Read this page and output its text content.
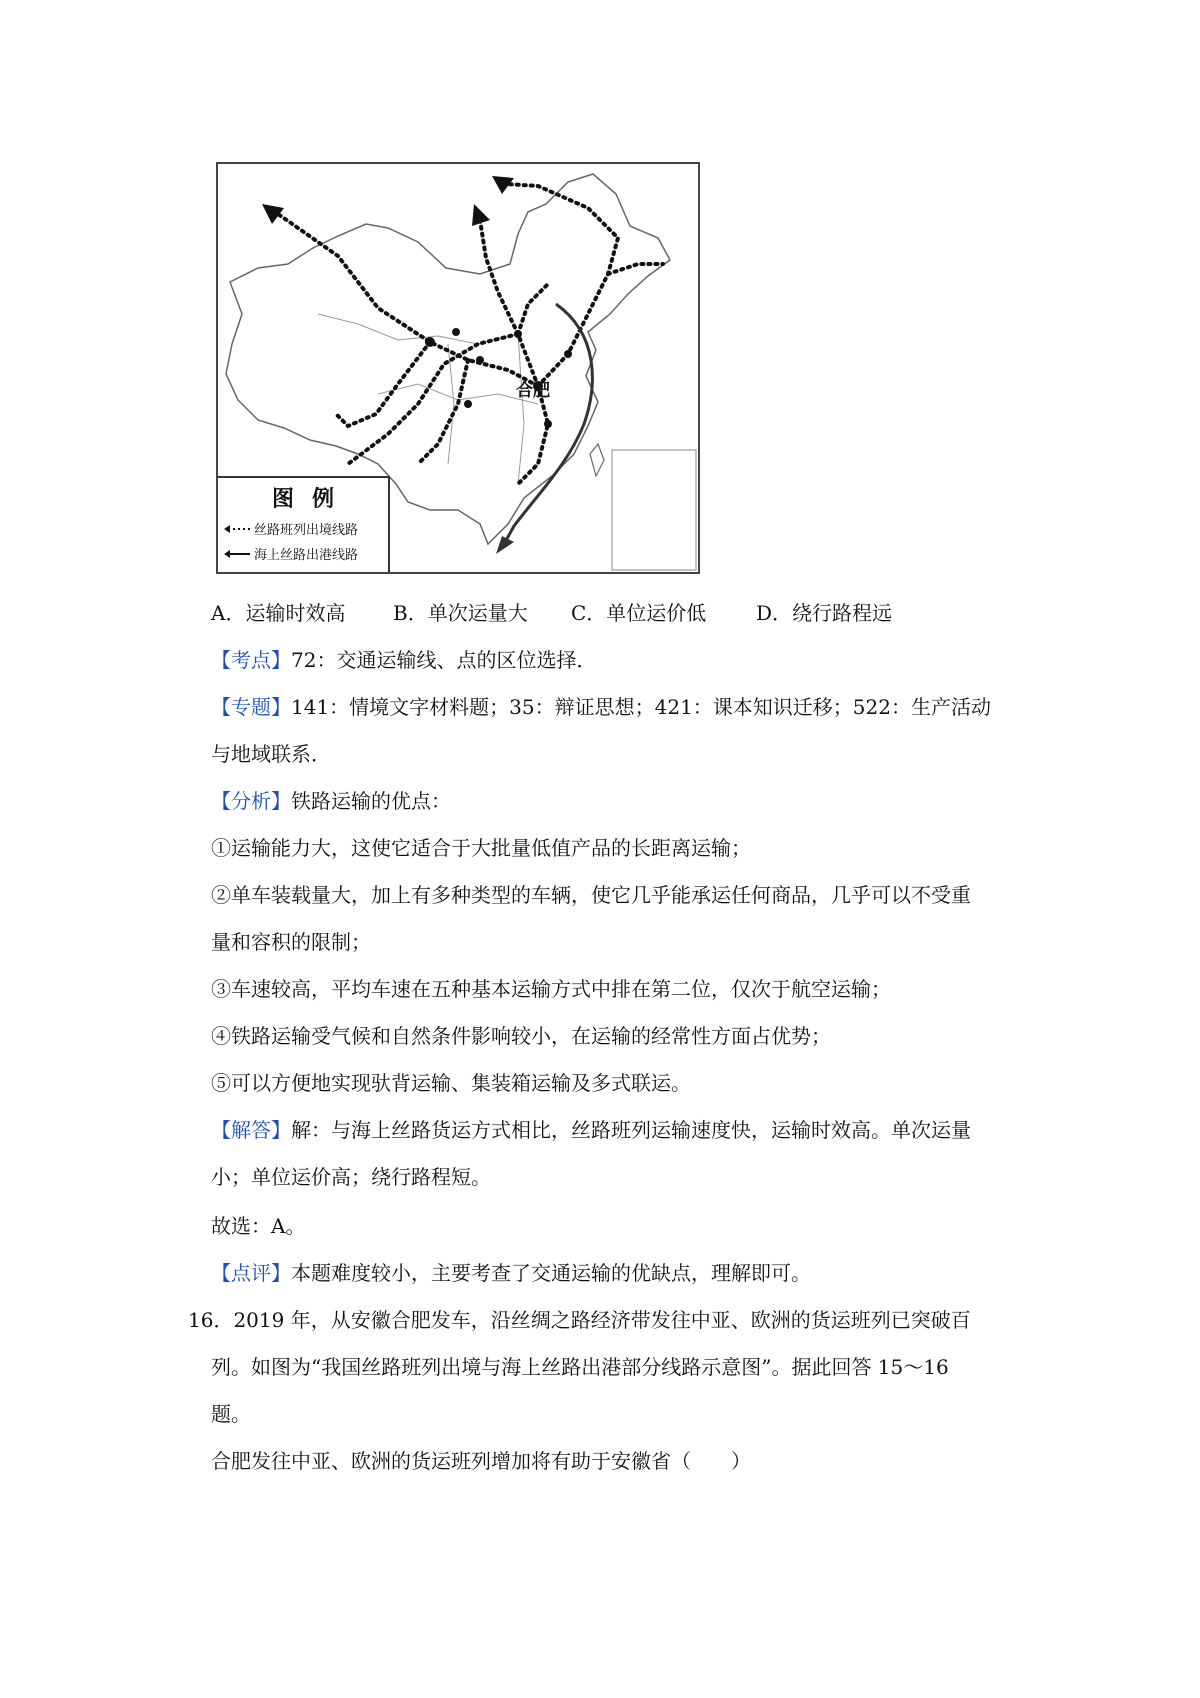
合肥
图例
丝路班列出境线路
海上丝路出港线路
A．运输时效高 B．单次运量大 C．单位运价低 D．绕行路程远
【考点】72：交通运输线、点的区位选择．
【专题】141：情境文字材料题；35：辩证思想；421：课本知识迁移；522：生产活动
与地域联系．
【分析】铁路运输的优点：
①运输能力大，这使它适合于大批量低值产品的长距离运输；
②单车装载量大，加上有多种类型的车辆，使它几乎能承运任何商品，几乎可以不受重
量和容积的限制；
③车速较高，平均车速在五种基本运输方式中排在第二位，仅次于航空运输；
④铁路运输受气候和自然条件影响较小，在运输的经常性方面占优势；
⑤可以方便地实现驮背运输、集装箱运输及多式联运。
【解答】解：与海上丝路货运方式相比，丝路班列运输速度快，运输时效高。单次运量
小；单位运价高；绕行路程短。
故选：A。
【点评】本题难度较小，主要考查了交通运输的优缺点，理解即可。
16．2019 年，从安徽合肥发车，沿丝绸之路经济带发往中亚、欧洲的货运班列已突破百
列。如图为“我国丝路班列出境与海上丝路出港部分线路示意图”。据此回答 15～16
题。
合肥发往中亚、欧洲的货运班列增加将有助于安徽省（　　）
